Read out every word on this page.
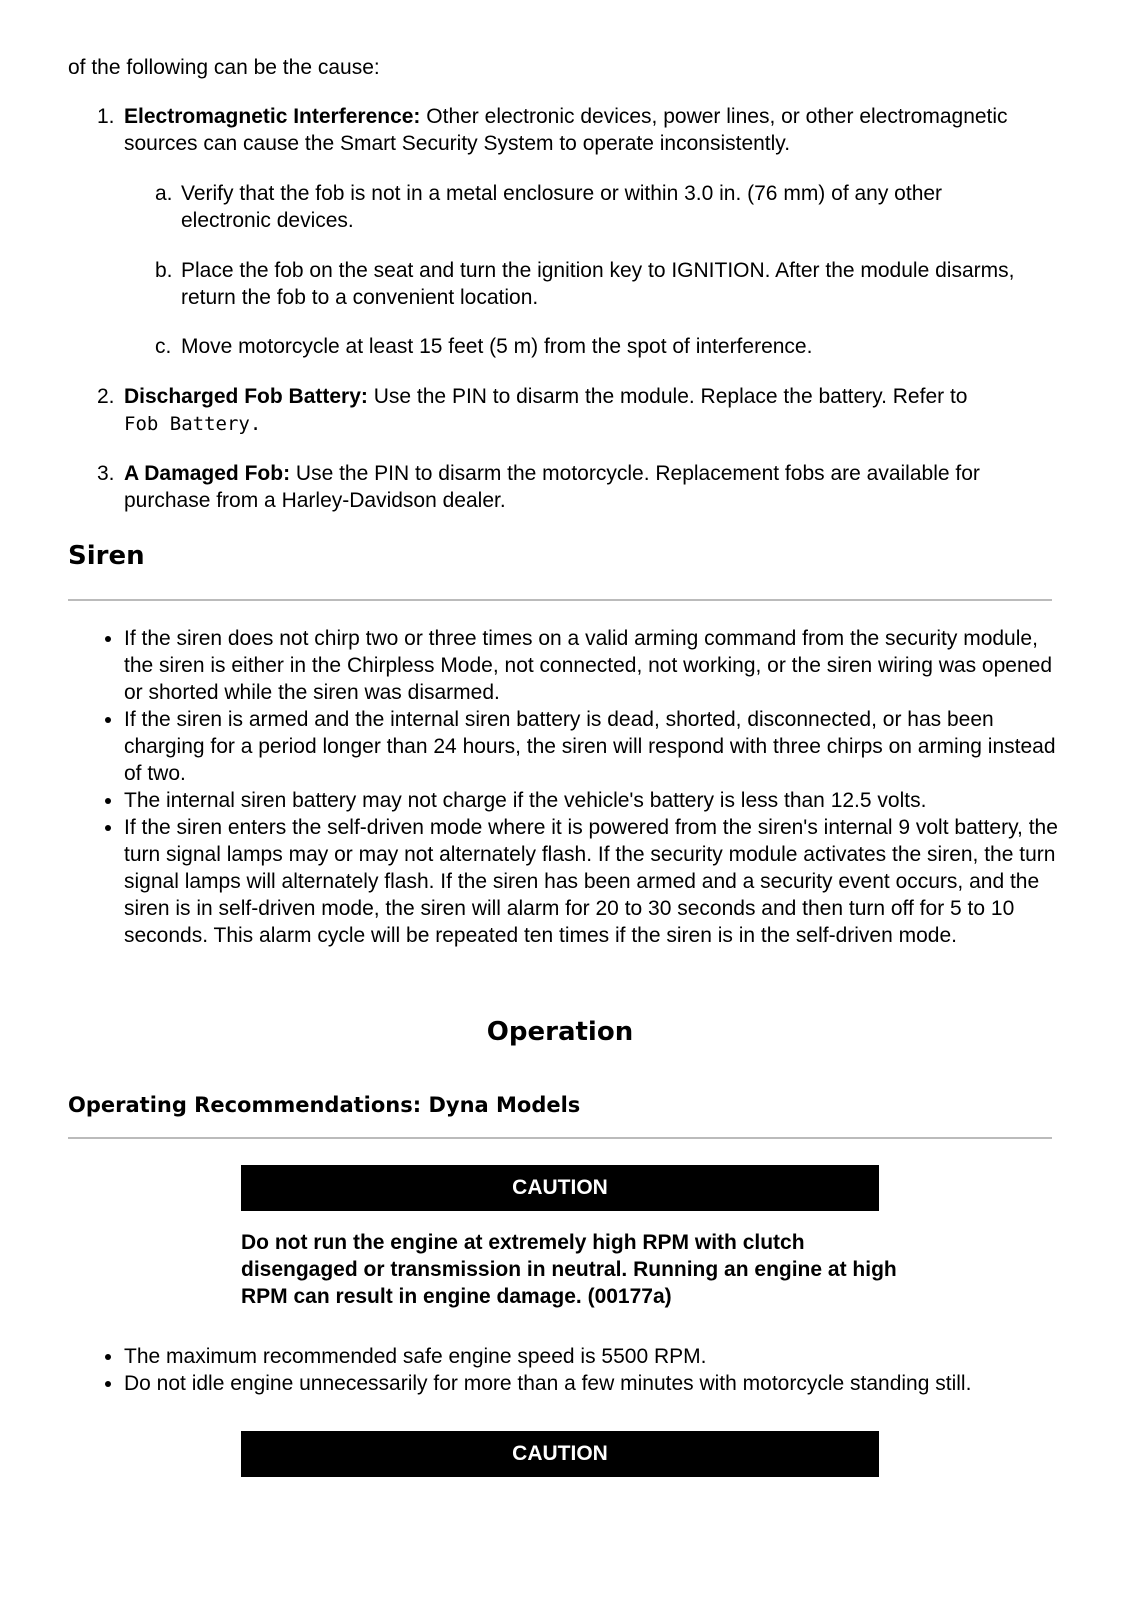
of the following can be the cause:
1. Electromagnetic Interference: Other electronic devices, power lines, or other electromagnetic sources can cause the Smart Security System to operate inconsistently.
a. Verify that the fob is not in a metal enclosure or within 3.0 in. (76 mm) of any other electronic devices.
b. Place the fob on the seat and turn the ignition key to IGNITION. After the module disarms, return the fob to a convenient location.
c. Move motorcycle at least 15 feet (5 m) from the spot of interference.
2. Discharged Fob Battery: Use the PIN to disarm the module. Replace the battery. Refer to
Fob Battery.
3. A Damaged Fob: Use the PIN to disarm the motorcycle. Replacement fobs are available for purchase from a Harley-Davidson dealer.
Siren
• If the siren does not chirp two or three times on a valid arming command from the security module, the siren is either in the Chirpless Mode, not connected, not working, or the siren wiring was opened or shorted while the siren was disarmed.
• If the siren is armed and the internal siren battery is dead, shorted, disconnected, or has been charging for a period longer than 24 hours, the siren will respond with three chirps on arming instead of two.
• The internal siren battery may not charge if the vehicle's battery is less than 12.5 volts.
• If the siren enters the self-driven mode where it is powered from the siren's internal 9 volt battery, the turn signal lamps may or may not alternately flash. If the security module activates the siren, the turn signal lamps will alternately flash. If the siren has been armed and a security event occurs, and the siren is in self-driven mode, the siren will alarm for 20 to 30 seconds and then turn off for 5 to 10 seconds. This alarm cycle will be repeated ten times if the siren is in the self-driven mode.
Operation
Operating Recommendations: Dyna Models
CAUTION
Do not run the engine at extremely high RPM with clutch disengaged or transmission in neutral. Running an engine at high RPM can result in engine damage. (00177a)
• The maximum recommended safe engine speed is 5500 RPM.
• Do not idle engine unnecessarily for more than a few minutes with motorcycle standing still.
CAUTION
